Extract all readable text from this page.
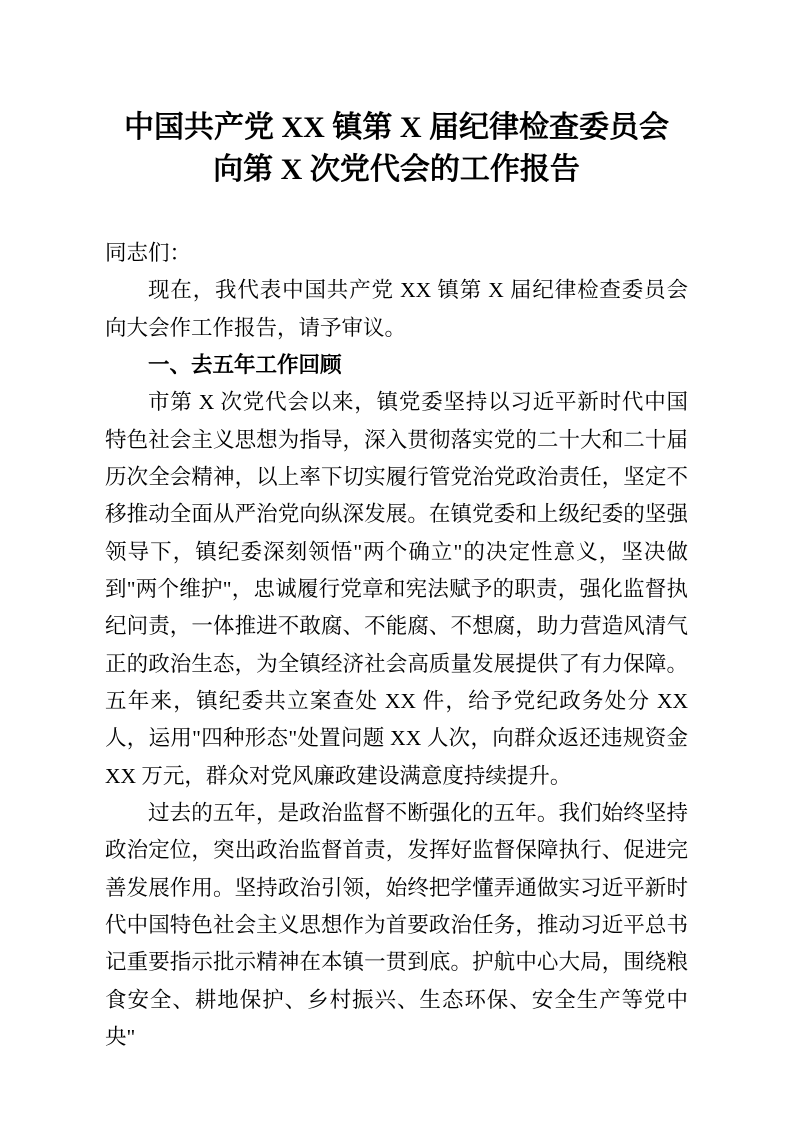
中国共产党 XX 镇第 X 届纪律检查委员会
向第 X 次党代会的工作报告

同志们：

现在，我代表中国共产党 XX 镇第 X 届纪律检查委员会向大会作工作报告，请予审议。

一、去五年工作回顾

市第 X 次党代会以来，镇党委坚持以习近平新时代中国特色社会主义思想为指导，深入贯彻落实党的二十大和二十届历次全会精神，以上率下切实履行管党治党政治责任，坚定不移推动全面从严治党向纵深发展。在镇党委和上级纪委的坚强领导下，镇纪委深刻领悟"两个确立"的决定性意义，坚决做到"两个维护"，忠诚履行党章和宪法赋予的职责，强化监督执纪问责，一体推进不敢腐、不能腐、不想腐，助力营造风清气正的政治生态，为全镇经济社会高质量发展提供了有力保障。五年来，镇纪委共立案查处 XX 件，给予党纪政务处分 XX 人，运用"四种形态"处置问题 XX 人次，向群众返还违规资金 XX 万元，群众对党风廉政建设满意度持续提升。

过去的五年，是政治监督不断强化的五年。我们始终坚持政治定位，突出政治监督首责，发挥好监督保障执行、促进完善发展作用。坚持政治引领，始终把学懂弄通做实习近平新时代中国特色社会主义思想作为首要政治任务，推动习近平总书记重要指示批示精神在本镇一贯到底。护航中心大局，围绕粮食安全、耕地保护、乡村振兴、生态环保、安全生产等党中央"
